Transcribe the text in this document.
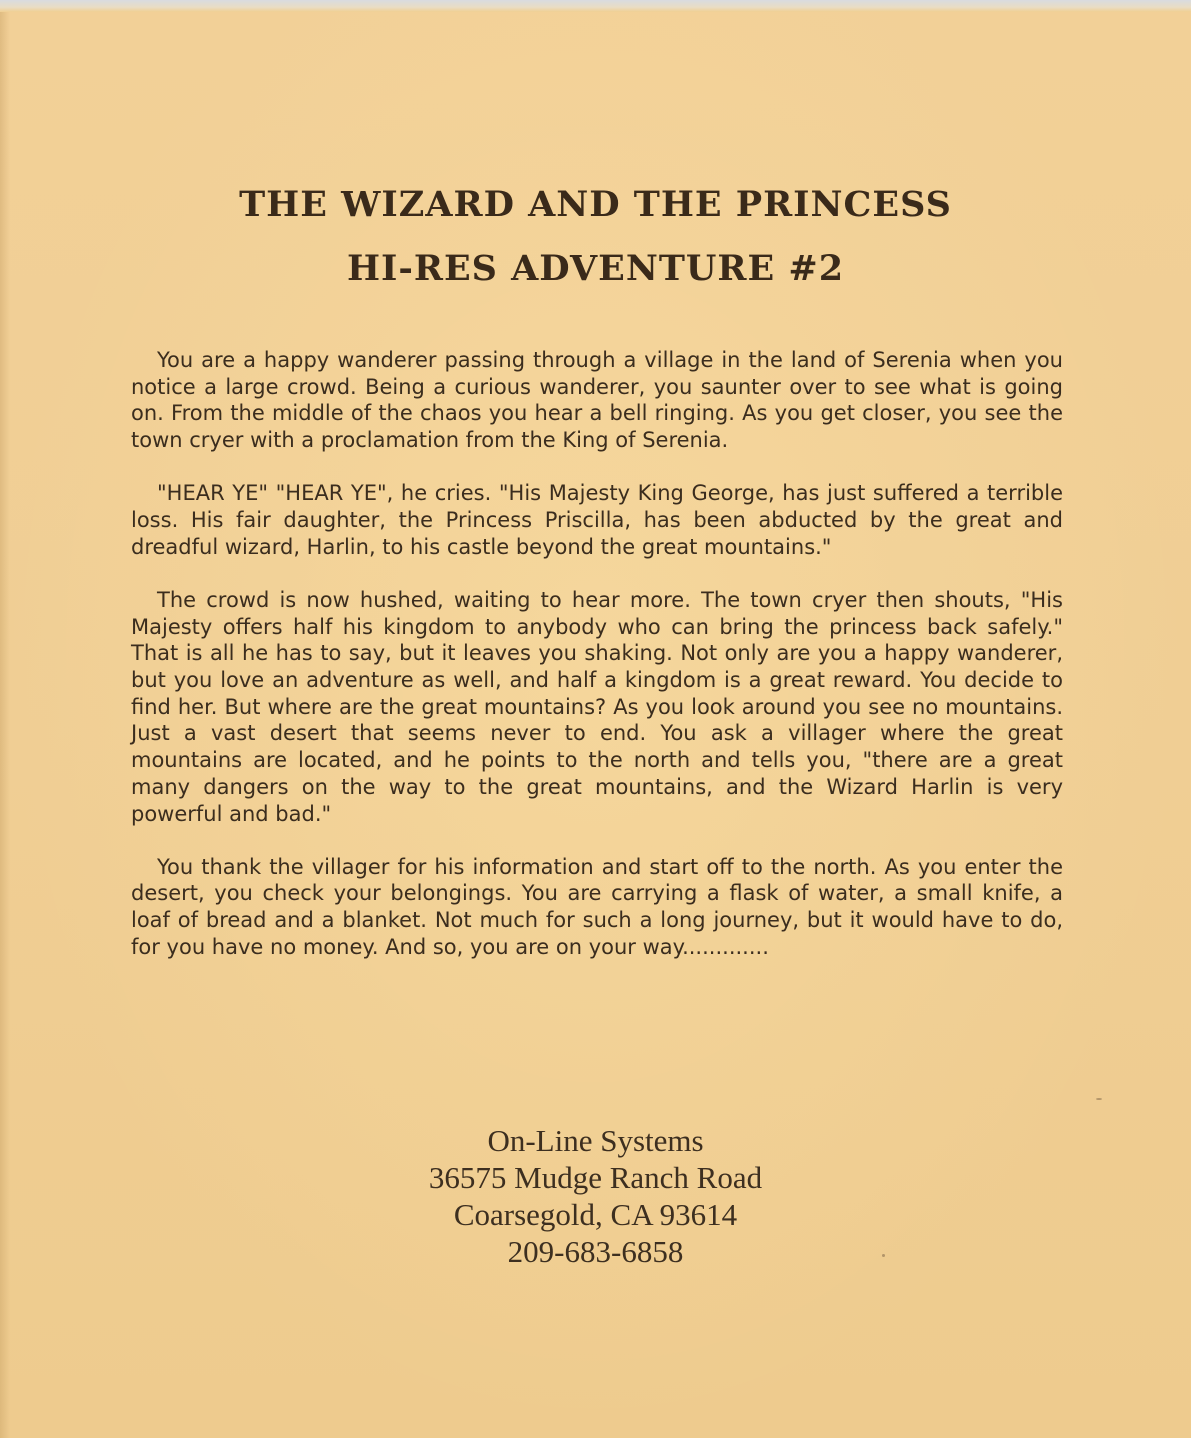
THE WIZARD AND THE PRINCESS
HI-RES ADVENTURE #2

You are a happy wanderer passing through a village in the land of Serenia when you notice a large crowd. Being a curious wanderer, you saunter over to see what is going on. From the middle of the chaos you hear a bell ringing. As you get closer, you see the town cryer with a proclamation from the King of Serenia.

"HEAR YE" "HEAR YE", he cries. "His Majesty King George, has just suffered a terrible loss. His fair daughter, the Princess Priscilla, has been abducted by the great and dreadful wizard, Harlin, to his castle beyond the great mountains."

The crowd is now hushed, waiting to hear more. The town cryer then shouts, "His Majesty offers half his kingdom to anybody who can bring the princess back safely." That is all he has to say, but it leaves you shaking. Not only are you a happy wanderer, but you love an adventure as well, and half a kingdom is a great reward. You decide to find her. But where are the great mountains? As you look around you see no mountains. Just a vast desert that seems never to end. You ask a villager where the great mountains are located, and he points to the north and tells you, "there are a great many dangers on the way to the great mountains, and the Wizard Harlin is very powerful and bad."

You thank the villager for his information and start off to the north. As you enter the desert, you check your belongings. You are carrying a flask of water, a small knife, a loaf of bread and a blanket. Not much for such a long journey, but it would have to do, for you have no money. And so, you are on your way.............

On-Line Systems
36575 Mudge Ranch Road
Coarsegold, CA 93614
209-683-6858
